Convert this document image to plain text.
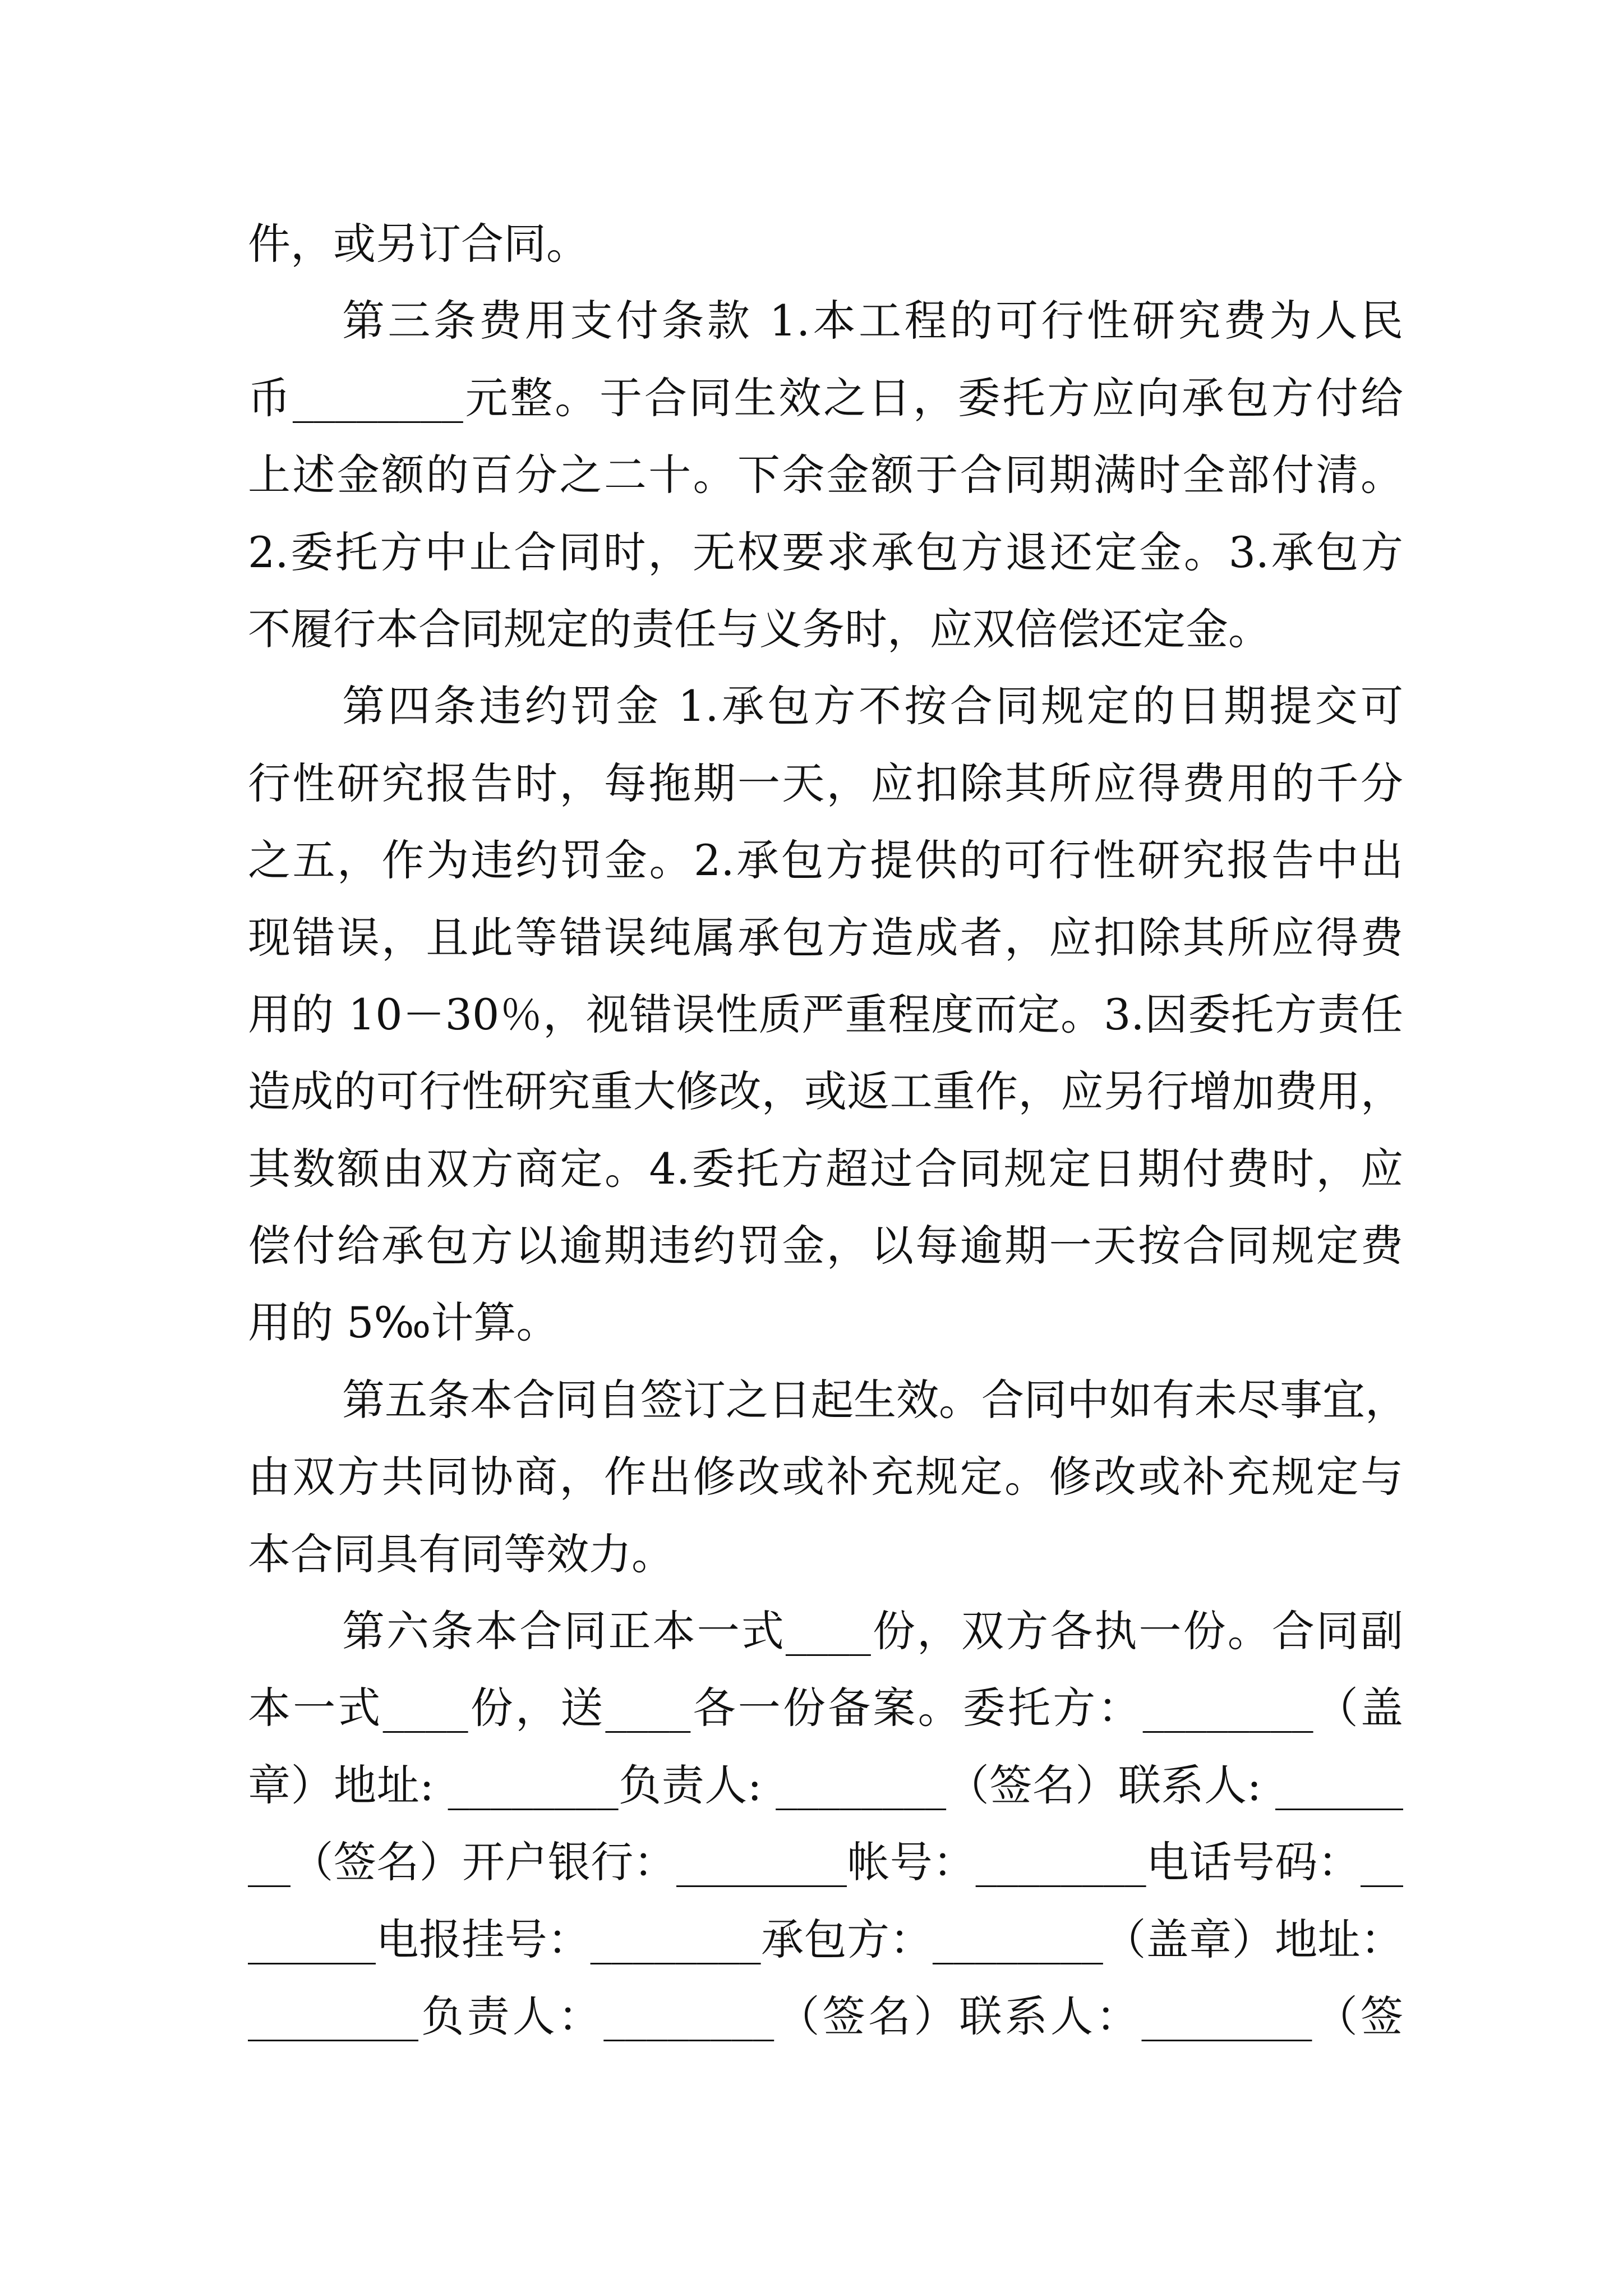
件，或另订合同。
第三条费用支付条款 1.本工程的可行性研究费为人民
币________元整。于合同生效之日，委托方应向承包方付给
上述金额的百分之二十。下余金额于合同期满时全部付清。
2.委托方中止合同时，无权要求承包方退还定金。3.承包方
不履行本合同规定的责任与义务时，应双倍偿还定金。
第四条违约罚金 1.承包方不按合同规定的日期提交可
行性研究报告时，每拖期一天，应扣除其所应得费用的千分
之五，作为违约罚金。2.承包方提供的可行性研究报告中出
现错误，且此等错误纯属承包方造成者，应扣除其所应得费
用的 10－30％，视错误性质严重程度而定。3.因委托方责任
造成的可行性研究重大修改，或返工重作，应另行增加费用，
其数额由双方商定。4.委托方超过合同规定日期付费时，应
偿付给承包方以逾期违约罚金，以每逾期一天按合同规定费
用的 5‰计算。
第五条本合同自签订之日起生效。合同中如有未尽事宜，
由双方共同协商，作出修改或补充规定。修改或补充规定与
本合同具有同等效力。
第六条本合同正本一式____份，双方各执一份。合同副
本一式____份，送____各一份备案。委托方：________（盖
章）地址: ________负责人: ________（签名）联系人: ______
__（签名）开户银行：________帐号：________电话号码：__
______电报挂号：________承包方：________（盖章）地址：
________负责人：________（签名）联系人：________（签
